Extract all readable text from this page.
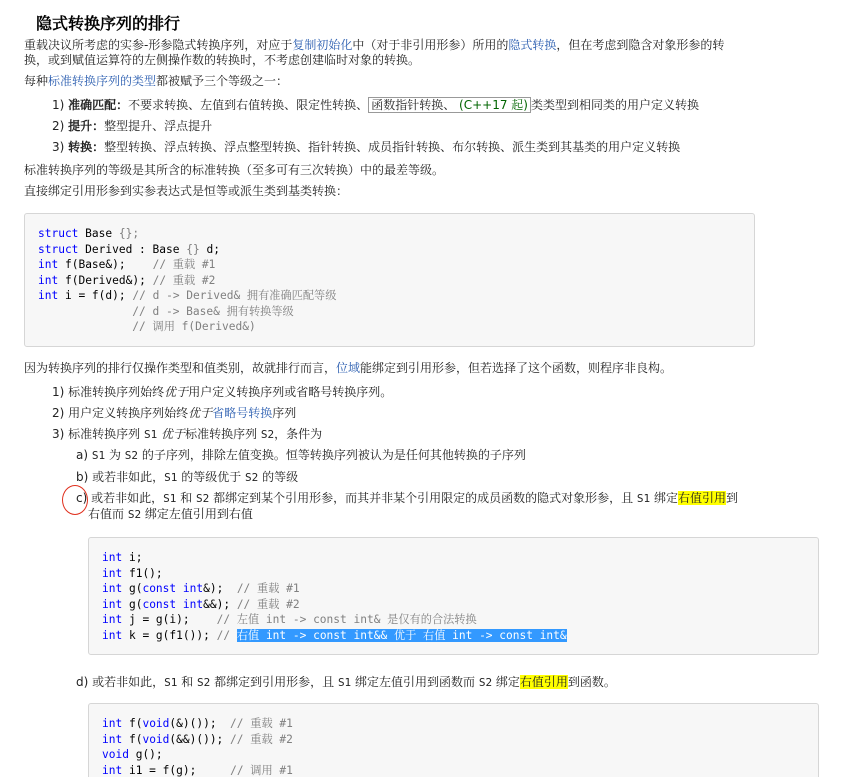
隐式转换序列的排行
重载决议所考虑的实参-形参隐式转换序列，对应于复制初始化中（对于非引用形参）所用的隐式转换，但在考虑到隐含对象形参的转
换，或到赋值运算符的左侧操作数的转换时，不考虑创建临时对象的转换。
每种标准转换序列的类型都被赋予三个等级之一：
1) 准确匹配：不要求转换、左值到右值转换、限定性转换、 函数指针转换、 (C++17 起) 类类型到相同类的用户定义转换
2) 提升：整型提升、浮点提升
3) 转换：整型转换、浮点转换、浮点整型转换、指针转换、成员指针转换、布尔转换、派生类到其基类的用户定义转换
标准转换序列的等级是其所含的标准转换（至多可有三次转换）中的最差等级。
直接绑定引用形参到实参表达式是恒等或派生类到基类转换：
struct Base {};
struct Derived : Base {} d;
int f(Base&); // 重载 #1
int f(Derived&); // 重载 #2
int i = f(d); // d -> Derived& 拥有准确匹配等级
// d -> Base& 拥有转换等级
// 调用 f(Derived&)
因为转换序列的排行仅操作类型和值类别，故就排行而言，位域能绑定到引用形参，但若选择了这个函数，则程序非良构。
1) 标准转换序列始终优于用户定义转换序列或省略号转换序列。
2) 用户定义转换序列始终优于省略号转换序列
3) 标准转换序列 S1 优于标准转换序列 S2，条件为
a) S1 为 S2 的子序列，排除左值变换。恒等转换序列被认为是任何其他转换的子序列
b) 或若非如此，S1 的等级优于 S2 的等级
c) 或若非如此，S1 和 S2 都绑定到某个引用形参，而其并非某个引用限定的成员函数的隐式对象形参，且 S1 绑定右值引用到
右值而 S2 绑定左值引用到右值
int i;
int f1();
int g(const int&); // 重载 #1
int g(const int&&); // 重载 #2
int j = g(i); // 左值 int -> const int& 是仅有的合法转换
int k = g(f1()); // 右值 int -> const int&& 优于 右值 int -> const int&
d) 或若非如此，S1 和 S2 都绑定到引用形参，且 S1 绑定左值引用到函数而 S2 绑定右值引用到函数。
int f(void(&)()); // 重载 #1
int f(void(&&)()); // 重载 #2
void g();
int i1 = f(g);	// 调用 #1
